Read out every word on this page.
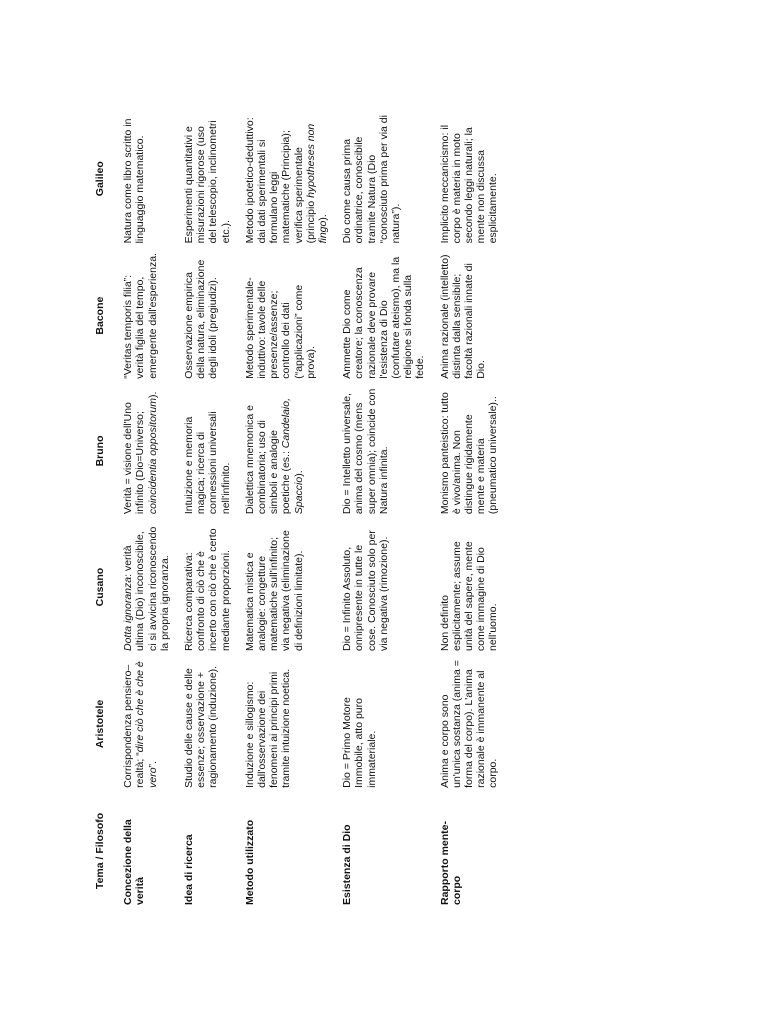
Tema / Filosofo	Aristotele	Cusano	Bruno	Bacone	Galileo
Concezione della verità	Corrispondenza pensiero–realtà; “dire ciò che è che è vero”.	Dotta ignoranza: verità ultima (Dio) inconoscibile, ci si avvicina riconoscendo la propria ignoranza.	Verità = visione dell'Uno infinito (Dio=Universo; coincidentia oppositorum).	“Veritas temporis filia”: verità figlia del tempo, emergente dall'esperienza.	Natura come libro scritto in linguaggio matematico.
Idea di ricerca	Studio delle cause e delle essenze; osservazione + ragionamento (induzione).	Ricerca comparativa: confronto di ciò che è incerto con ciò che è certo mediante proporzioni.	Intuizione e memoria magica; ricerca di connessioni universali nell'infinito.	Osservazione empirica della natura, eliminazione degli idoli (pregiudizi).	Esperimenti quantitativi e misurazioni rigorose (uso del telescopio, inclinometri etc.).
Metodo utilizzato	Induzione e sillogismo: dall'osservazione dei fenomeni ai principi primi tramite intuizione noetica.	Matematica mistica e analogie: congetture matematiche sull'infinito; via negativa (eliminazione di definizioni limitate).	Dialettica mnemonica e combinatoria; uso di simboli e analogie poetiche (es.: Candelaio, Spaccio).	Metodo sperimentale-induttivo: tavole delle presenze/assenze; controllo dei dati (“applicazioni” come prova).	Metodo ipotetico-deduttivo: dai dati sperimentali si formulano leggi matematiche (Principia); verifica sperimentale (principio hypotheses non fingo).
Esistenza di Dio	Dio = Primo Motore Immobile, atto puro immateriale.	Dio = Infinito Assoluto, onnipresente in tutte le cose. Conosciuto solo per via negativa (rimozione).	Dio = Intelletto universale, anima del cosmo (mens super omnia); coincide con Natura infinita.	Ammette Dio come creatore; la conoscenza razionale deve provare l'esistenza di Dio (confutare ateismo), ma la religione si fonda sulla fede.	Dio come causa prima ordinatrice, conoscibile tramite Natura (Dio “conosciuto prima per via di natura”).
Rapporto mente-corpo	Anima e corpo sono un'unica sostanza (anima = forma del corpo). L'anima razionale è immanente al corpo.	Non definito esplicitamente; assume unità del sapere, mente come immagine di Dio nell'uomo.	Monismo panteistico: tutto è vivo/anima. Non distingue rigidamente mente e materia (pneumatico universale)..	Anima razionale (intelletto) distinta dalla sensibile; facoltà razionali innate di Dio.	Implicito meccanicismo: il corpo è materia in moto secondo leggi naturali; la mente non discussa esplicitamente.
